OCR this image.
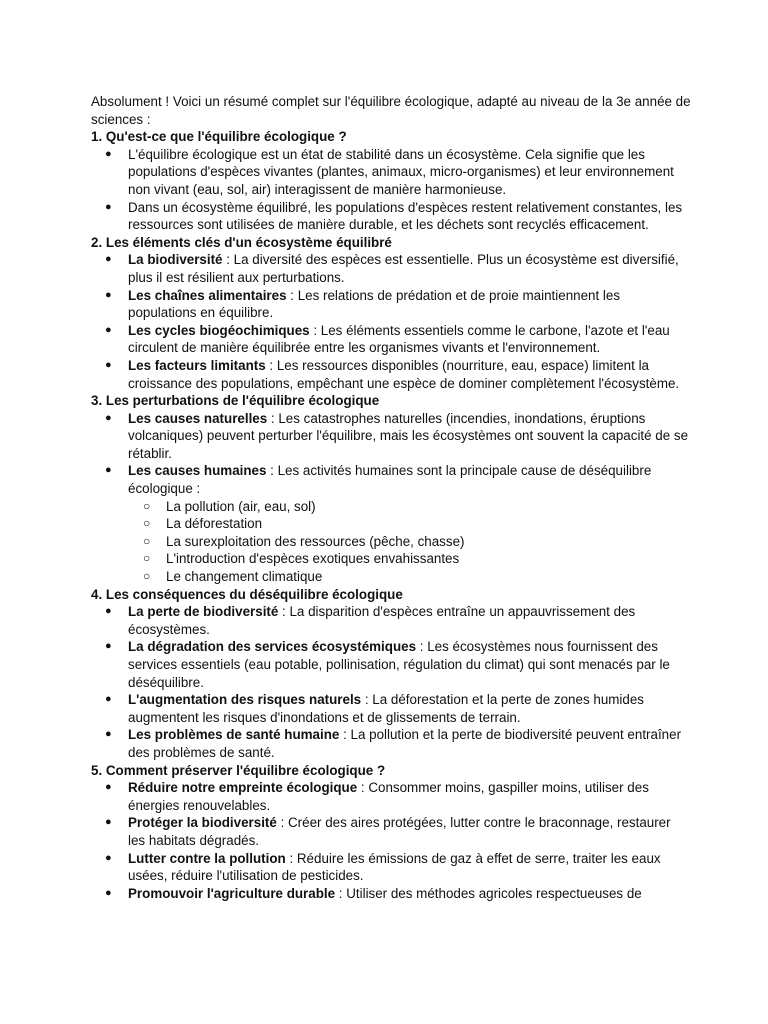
Absolument ! Voici un résumé complet sur l'équilibre écologique, adapté au niveau de la 3e année de sciences :

1. Qu'est-ce que l'équilibre écologique ?

● L'équilibre écologique est un état de stabilité dans un écosystème. Cela signifie que les populations d'espèces vivantes (plantes, animaux, micro-organismes) et leur environnement non vivant (eau, sol, air) interagissent de manière harmonieuse.
● Dans un écosystème équilibré, les populations d'espèces restent relativement constantes, les ressources sont utilisées de manière durable, et les déchets sont recyclés efficacement.

2. Les éléments clés d'un écosystème équilibré

● La biodiversité : La diversité des espèces est essentielle. Plus un écosystème est diversifié, plus il est résilient aux perturbations.
● Les chaînes alimentaires : Les relations de prédation et de proie maintiennent les populations en équilibre.
● Les cycles biogéochimiques : Les éléments essentiels comme le carbone, l'azote et l'eau circulent de manière équilibrée entre les organismes vivants et l'environnement.
● Les facteurs limitants : Les ressources disponibles (nourriture, eau, espace) limitent la croissance des populations, empêchant une espèce de dominer complètement l'écosystème.

3. Les perturbations de l'équilibre écologique

● Les causes naturelles : Les catastrophes naturelles (incendies, inondations, éruptions volcaniques) peuvent perturber l'équilibre, mais les écosystèmes ont souvent la capacité de se rétablir.
● Les causes humaines : Les activités humaines sont la principale cause de déséquilibre écologique :
○ La pollution (air, eau, sol)
○ La déforestation
○ La surexploitation des ressources (pêche, chasse)
○ L'introduction d'espèces exotiques envahissantes
○ Le changement climatique

4. Les conséquences du déséquilibre écologique

● La perte de biodiversité : La disparition d'espèces entraîne un appauvrissement des écosystèmes.
● La dégradation des services écosystémiques : Les écosystèmes nous fournissent des services essentiels (eau potable, pollinisation, régulation du climat) qui sont menacés par le déséquilibre.
● L'augmentation des risques naturels : La déforestation et la perte de zones humides augmentent les risques d'inondations et de glissements de terrain.
● Les problèmes de santé humaine : La pollution et la perte de biodiversité peuvent entraîner des problèmes de santé.

5. Comment préserver l'équilibre écologique ?

● Réduire notre empreinte écologique : Consommer moins, gaspiller moins, utiliser des énergies renouvelables.
● Protéger la biodiversité : Créer des aires protégées, lutter contre le braconnage, restaurer les habitats dégradés.
● Lutter contre la pollution : Réduire les émissions de gaz à effet de serre, traiter les eaux usées, réduire l'utilisation de pesticides.
● Promouvoir l'agriculture durable : Utiliser des méthodes agricoles respectueuses de
